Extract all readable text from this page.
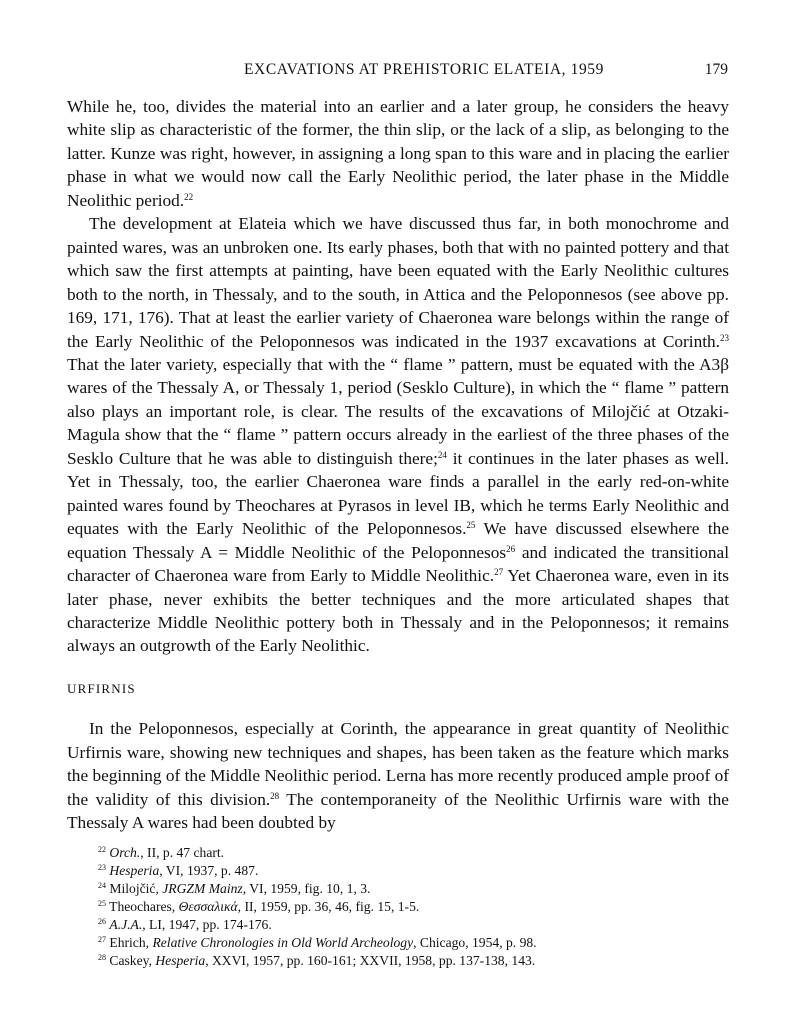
EXCAVATIONS AT PREHISTORIC ELATEIA, 1959	179

While he, too, divides the material into an earlier and a later group, he considers the heavy white slip as characteristic of the former, the thin slip, or the lack of a slip, as belonging to the latter. Kunze was right, however, in assigning a long span to this ware and in placing the earlier phase in what we would now call the Early Neolithic period, the later phase in the Middle Neolithic period.$^{22}$

The development at Elateia which we have discussed thus far, in both monochrome and painted wares, was an unbroken one. Its early phases, both that with no painted pottery and that which saw the first attempts at painting, have been equated with the Early Neolithic cultures both to the north, in Thessaly, and to the south, in Attica and the Peloponnesos (see above pp. 169, 171, 176). That at least the earlier variety of Chaeronea ware belongs within the range of the Early Neolithic of the Peloponnesos was indicated in the 1937 excavations at Corinth.$^{23}$ That the later variety, especially that with the “ flame ” pattern, must be equated with the A3β wares of the Thessaly A, or Thessaly 1, period (Sesklo Culture), in which the “ flame ” pattern also plays an important role, is clear. The results of the excavations of Milojčić at Otzaki-Magula show that the “ flame ” pattern occurs already in the earliest of the three phases of the Sesklo Culture that he was able to distinguish there;$^{24}$ it continues in the later phases as well. Yet in Thessaly, too, the earlier Chaeronea ware finds a parallel in the early red-on-white painted wares found by Theochares at Pyrasos in level IB, which he terms Early Neolithic and equates with the Early Neolithic of the Peloponnesos.$^{25}$ We have discussed elsewhere the equation Thessaly A = Middle Neolithic of the Peloponnesos$^{26}$ and indicated the transitional character of Chaeronea ware from Early to Middle Neolithic.$^{27}$ Yet Chaeronea ware, even in its later phase, never exhibits the better techniques and the more articulated shapes that characterize Middle Neolithic pottery both in Thessaly and in the Peloponnesos; it remains always an outgrowth of the Early Neolithic.

URFIRNIS

In the Peloponnesos, especially at Corinth, the appearance in great quantity of Neolithic Urfirnis ware, showing new techniques and shapes, has been taken as the feature which marks the beginning of the Middle Neolithic period. Lerna has more recently produced ample proof of the validity of this division.$^{28}$ The contemporaneity of the Neolithic Urfirnis ware with the Thessaly A wares had been doubted by

$^{22}$ Orch., II, p. 47 chart.
$^{23}$ Hesperia, VI, 1937, p. 487.
$^{24}$ Milojčić, JRGZM Mainz, VI, 1959, fig. 10, 1, 3.
$^{25}$ Theochares, Θεσσαλικά, II, 1959, pp. 36, 46, fig. 15, 1-5.
$^{26}$ A.J.A., LI, 1947, pp. 174-176.
$^{27}$ Ehrich, Relative Chronologies in Old World Archeology, Chicago, 1954, p. 98.
$^{28}$ Caskey, Hesperia, XXVI, 1957, pp. 160-161; XXVII, 1958, pp. 137-138, 143.
